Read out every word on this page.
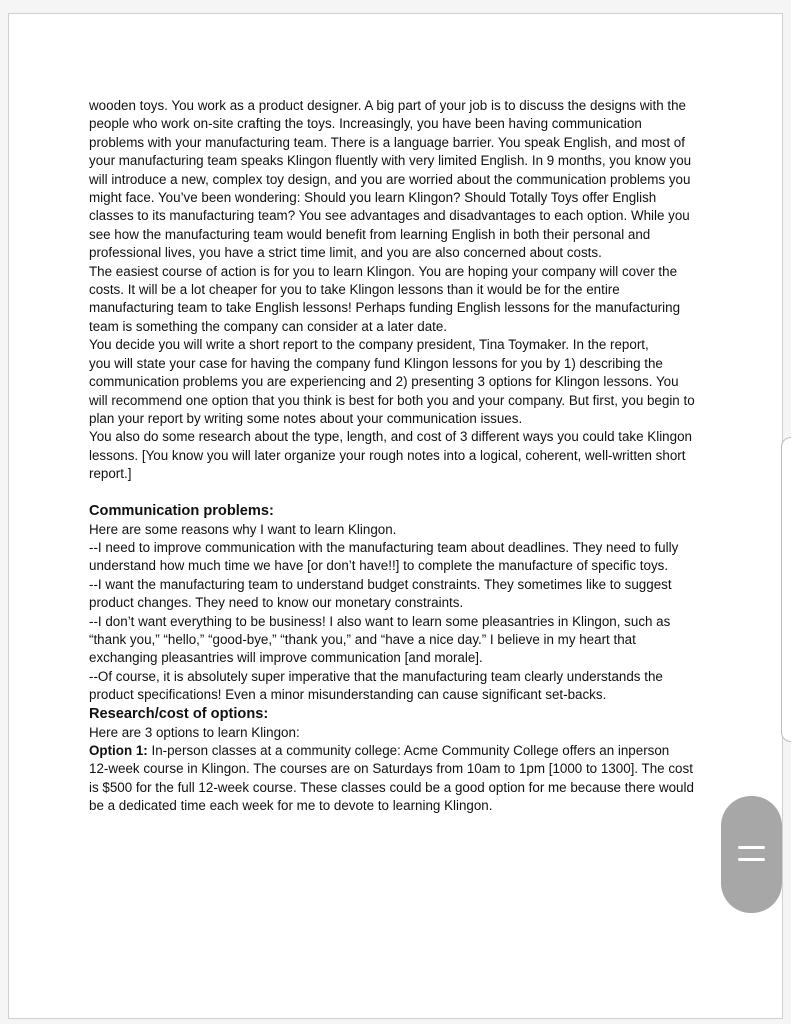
wooden toys. You work as a product designer. A big part of your job is to discuss the designs with the people who work on-site crafting the toys. Increasingly, you have been having communication problems with your manufacturing team. There is a language barrier. You speak English, and most of your manufacturing team speaks Klingon fluently with very limited English. In 9 months, you know you will introduce a new, complex toy design, and you are worried about the communication problems you might face. You’ve been wondering: Should you learn Klingon? Should Totally Toys offer English classes to its manufacturing team? You see advantages and disadvantages to each option. While you see how the manufacturing team would benefit from learning English in both their personal and professional lives, you have a strict time limit, and you are also concerned about costs.

The easiest course of action is for you to learn Klingon. You are hoping your company will cover the costs. It will be a lot cheaper for you to take Klingon lessons than it would be for the entire manufacturing team to take English lessons! Perhaps funding English lessons for the manufacturing team is something the company can consider at a later date.

You decide you will write a short report to the company president, Tina Toymaker. In the report,

you will state your case for having the company fund Klingon lessons for you by 1) describing the communication problems you are experiencing and 2) presenting 3 options for Klingon lessons. You will recommend one option that you think is best for both you and your company. But first, you begin to plan your report by writing some notes about your communication issues.

You also do some research about the type, length, and cost of 3 different ways you could take Klingon lessons. [You know you will later organize your rough notes into a logical, coherent, well-written short report.]

Communication problems:

Here are some reasons why I want to learn Klingon.

--I need to improve communication with the manufacturing team about deadlines. They need to fully understand how much time we have [or don’t have!!] to complete the manufacture of specific toys.

--I want the manufacturing team to understand budget constraints. They sometimes like to suggest product changes. They need to know our monetary constraints.

--I don’t want everything to be business! I also want to learn some pleasantries in Klingon, such as “thank you,” “hello,” “good-bye,” “thank you,” and “have a nice day.” I believe in my heart that exchanging pleasantries will improve communication [and morale].

--Of course, it is absolutely super imperative that the manufacturing team clearly understands the product specifications! Even a minor misunderstanding can cause significant set-backs.

Research/cost of options:

Here are 3 options to learn Klingon:

Option 1: In-person classes at a community college: Acme Community College offers an inperson

12-week course in Klingon. The courses are on Saturdays from 10am to 1pm [1000 to 1300]. The cost is $500 for the full 12-week course. These classes could be a good option for me because there would be a dedicated time each week for me to devote to learning Klingon.
